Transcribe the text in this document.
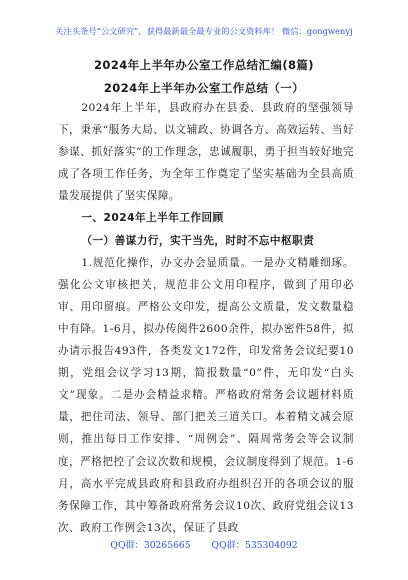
关注头条号“公文研究”，获得最新最全最专业的公文资料库！ 微信：gongwenyj
2024年上半年办公室工作总结汇编(8篇)
2024年上半年办公室工作总结（一）

2024年上半年，县政府办在县委、县政府的坚强领导下，秉承“服务大局、以文辅政、协调各方、高效运转、当好参谋、抓好落实”的工作理念，忠诚履职，勇于担当较好地完成了各项工作任务，为全年工作奠定了坚实基础为全县高质量发展提供了坚实保障。

一、2024年上半年工作回顾

（一）善谋力行，实干当先，时时不忘中枢职责

1.规范化操作，办文办会显质量。一是办文精雕细琢。强化公文审核把关，规范非公文用印程序，做到了用印必审、用印留痕。严格公文印发，提高公文质量，发文数量稳中有降。1-6月，拟办传阅件2600余件，拟办密件58件，拟办请示报告493件，各类发文172件，印发常务会议纪要10期，党组会议学习13期，简报数量“0”件，无印发“白头文”现象。二是办会精益求精。严格政府常务会议题材料质量，把住司法、领导、部门把关三道关口。本着精文减会原则，推出每日工作安排、“周例会”、隔周常务会等会议制度，严格把控了会议次数和规模，会议制度得到了规范。1-6月，高水平完成县政府和县政府办组织召开的各项会议的服务保障工作，其中筹备政府常务会议10次、政府党组会议13次、政府工作例会13次，保证了县政

QQ群：30265665 QQ群：535304092
